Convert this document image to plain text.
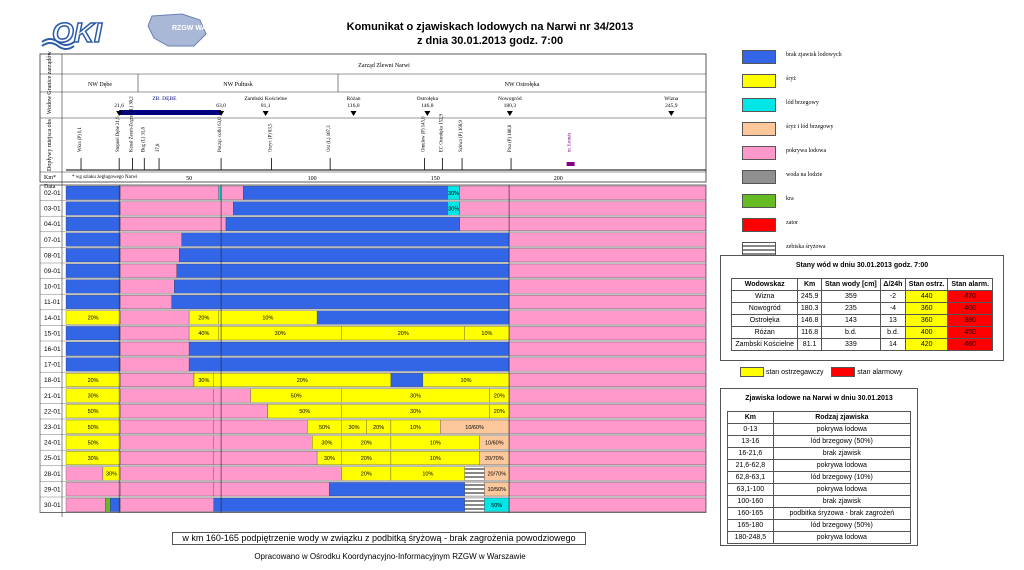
OKI	RZGW WARSZAWA	Komunikat o zjawiskach lodowych na Narwi nr 34/2013
z dnia 30.01.2013 godz. 7:00
Granice zarządów
Wodow
Dopływy miejsca obs
Km*
Data
Zarząd Zlewni Narwi
NW Dębe	NW Pułtusk	NW Ostrołęka
21,6
ZB. DĘBE
63,0
Zambski Kościelne
81,1
Różan
116,8
Ostrołęka
146,8
Nowogród
180,3
Wizna
245,9
Wkra (P) 6,1	Stopień Dębe 21,6 Kanał Żerań-Zegrze (L) 30,2 Bug (L) 31,8 37,8	Począt. cofki 63,0	Orzyc (P) 83,5	Orz (L) 107,3	Omulew (P) 145,6	EC Ostrołęka 152,9	Szkwa (P) 160,9	Pisa (P) 180,8	m. Łomża
50	100	150	200
* wg szlaku żeglugowego Narwi
02-01	30%
03-01	30%
04-01
07-01
08-01
09-01
10-01
11-01
14-01	20%	20%	10%
15-01	40%	30%	20%	10%
16-01
17-01
18-01	20%	30%	20%	10%
21-01	30%	50%	30%	20%
22-01	50%	50%	30%	20%
23-01	50%	50%	30% 20%	10%	10/60%
24-01	50%	30%	20%	10%	10/60%
25-01	30%	30%	20%	10%	20/70%
28-01	30%	20%	10%	20/70%
29-01	10/50%
30-01	50%
brak zjawisk lodowych
śryż
lód brzegowy
śryż i lód brzegowy
pokrywa lodowa
woda na lodzie
kra
zator
zebiska śryżowa
Stany wód w dniu 30.01.2013 godz. 7:00
Wodowskaz	Km	Stan wody [cm]	Δ/24h	Stan ostrz.	Stan alarm.
Wizna	245.9	359	-2	440	470
Nowogród	180.3	235	-4	360	400
Ostrołęka	146.8	143	13	360	380
Różan	116.8	b.d.	b.d.	400	450
Zambski Kościelne	81.1	339	14	420	460
stan ostrzegawczy	stan alarmowy
Zjawiska lodowe na Narwi w dniu 30.01.2013
Km	Rodzaj zjawiska
0-13	pokrywa lodowa
13-16	lód brzegowy (50%)
16-21,6	brak zjawisk
21,6-62,8	pokrywa lodowa
62,8-63,1	lód brzegowy (10%)
63,1-100	pokrywa lodowa
100-160	brak zjawisk
160-165	podbitka śryżowa - brak zagrożeń
165-180	lód brzegowy (50%)
180-248,5	pokrywa lodowa
w km 160-165 podpiętrzenie wody w związku z podbitką śryżową - brak zagrożenia powodziowego
Opracowano w Ośrodku Koordynacyjno-Informacyjnym RZGW w Warszawie
